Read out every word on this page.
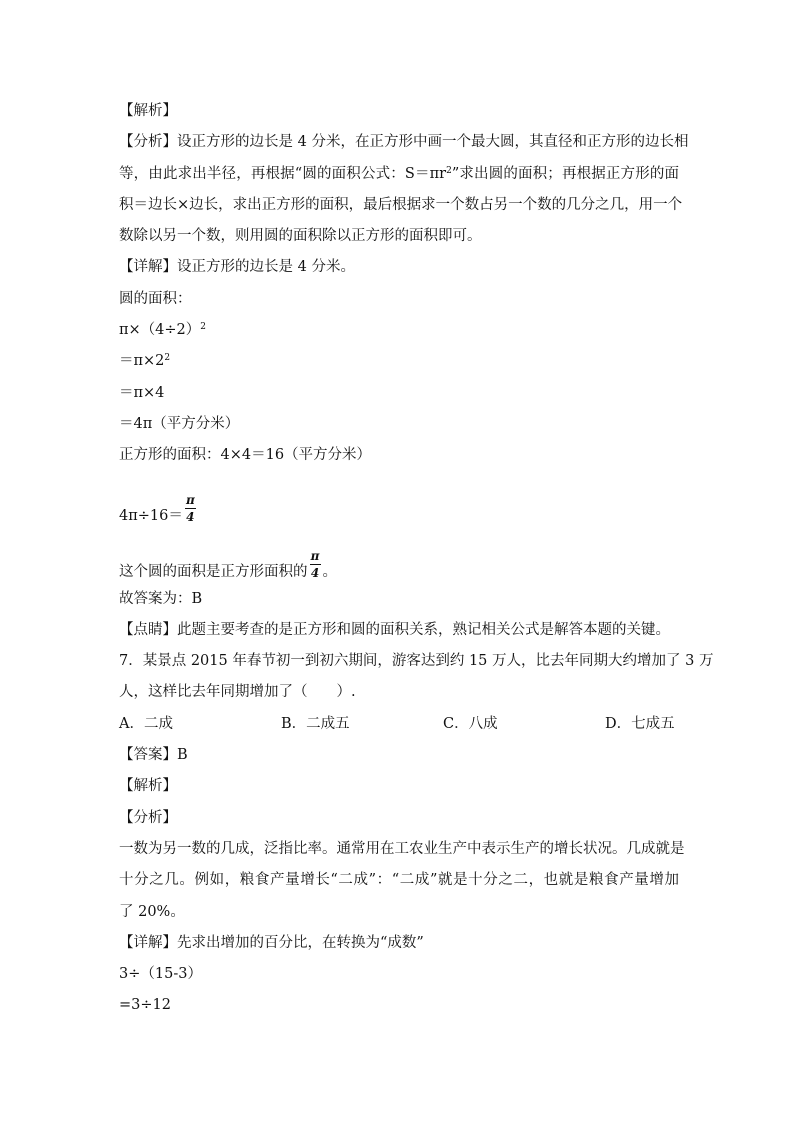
【解析】
【分析】设正方形的边长是 4 分米，在正方形中画一个最大圆，其直径和正方形的边长相
等，由此求出半径，再根据“圆的面积公式：$S=\pi r^2$”求出圆的面积；再根据正方形的面
积＝边长×边长，求出正方形的面积，最后根据求一个数占另一个数的几分之几，用一个
数除以另一个数，则用圆的面积除以正方形的面积即可。
【详解】设正方形的边长是 4 分米。
圆的面积：
$\pi\times(4\div 2)^2$
$=\pi\times 2^2$
＝π×4
＝4π（平方分米）
正方形的面积：4×4＝16（平方分米）
$4\pi\div 16= \frac{\pi}{4}$
这个圆的面积是正方形面积的 $\frac{\pi}{4}$ 。
故答案为：B
【点睛】此题主要考查的是正方形和圆的面积关系，熟记相关公式是解答本题的关键。
7．某景点 2015 年春节初一到初六期间，游客达到约 15 万人，比去年同期大约增加了 3 万
人，这样比去年同期增加了（　　）.
A．二成	B．二成五	C．八成	D．七成五
【答案】B
【解析】
【分析】
一数为另一数的几成，泛指比率。通常用在工农业生产中表示生产的增长状况。几成就是
十分之几。例如，粮食产量增长“二成”：“二成”就是十分之二，也就是粮食产量增加
了 20%。
【详解】先求出增加的百分比，在转换为“成数”
3÷（15-3）
=3÷12
